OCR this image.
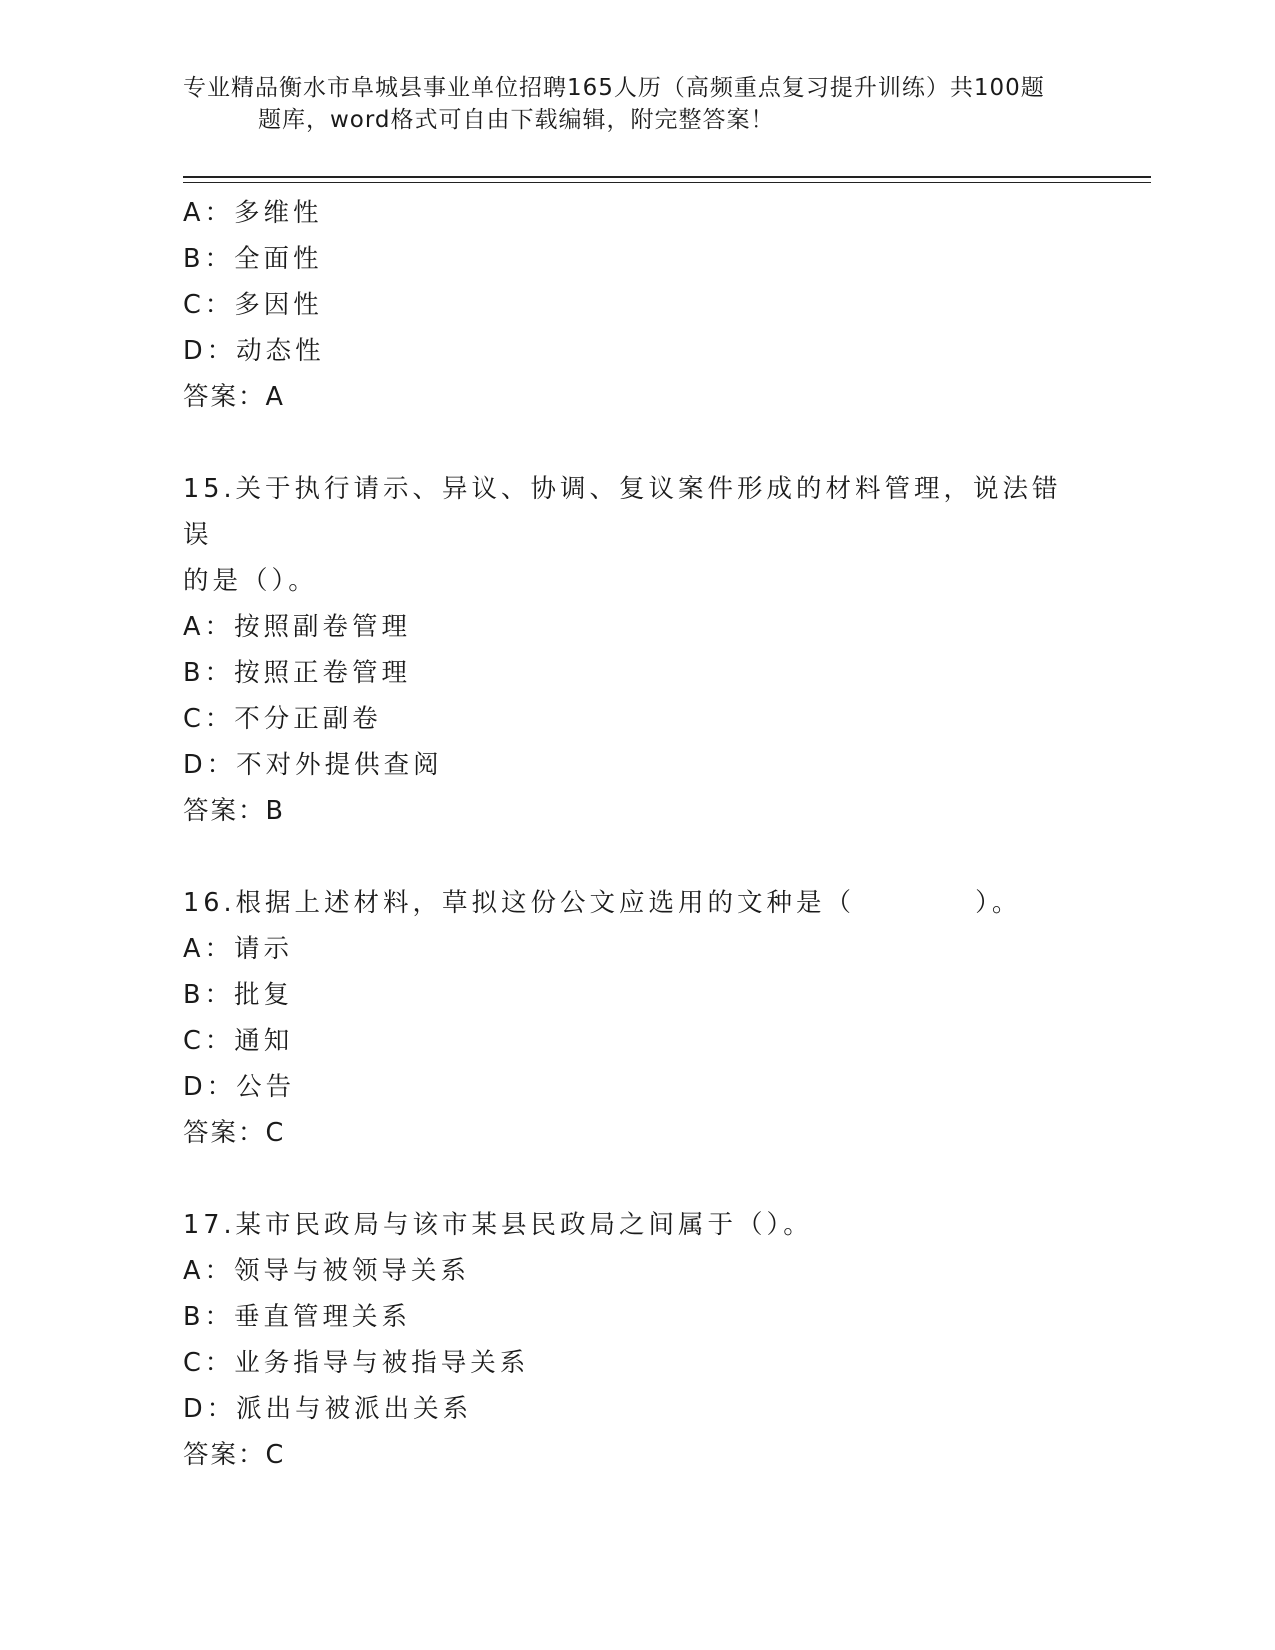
专业精品衡水市阜城县事业单位招聘165人历（高频重点复习提升训练）共100题
题库，word格式可自由下载编辑，附完整答案！

A：多维性

B：全面性

C：多因性

D：动态性

答案：A

15.关于执行请示、异议、协调、复议案件形成的材料管理，说法错误

的是（）。

A：按照副卷管理

B：按照正卷管理

C：不分正副卷

D：不对外提供查阅

答案：B

16.根据上述材料，草拟这份公文应选用的文种是（	）。

A：请示

B：批复

C：通知

D：公告

答案：C

17.某市民政局与该市某县民政局之间属于（）。

A：领导与被领导关系

B：垂直管理关系

C：业务指导与被指导关系

D：派出与被派出关系

答案：C
